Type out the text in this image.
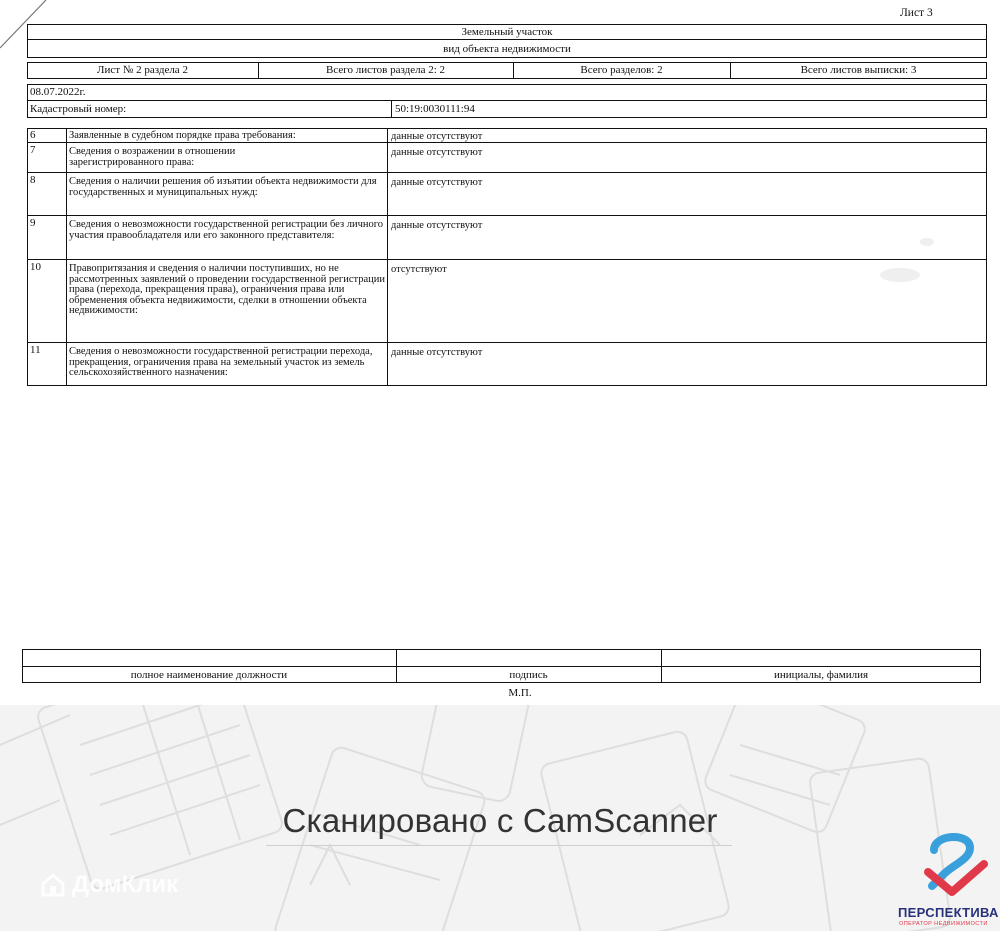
Лист 3
Земельный участок
вид объекта недвижимости
Лист № 2 раздела 2	Всего листов раздела 2: 2	Всего разделов: 2	Всего листов выписки: 3
08.07.2022г.
Кадастровый номер:	50:19:0030111:94
6	Заявленные в судебном порядке права требования:	данные отсутствуют
7	Сведения о возражении в отношении зарегистрированного права:
данные отсутствуют
8	Сведения о наличии решения об изъятии объекта недвижимости для государственных и муниципальных нужд:
данные отсутствуют
9	Сведения о невозможности государственной регистрации без личного участия правообладателя или его законного представителя:
данные отсутствуют
10	Правопритязания и сведения о наличии поступивших, но не рассмотренных заявлений о проведении государственной регистрации права (перехода, прекращения права), ограничения права или обременения объекта недвижимости, сделки в отношении объекта недвижимости:
отсутствуют
11	Сведения о невозможности государственной регистрации перехода, прекращения, ограничения права на земельный участок из земель сельскохозяйственного назначения:
данные отсутствуют
полное наименование должности	подпись	инициалы, фамилия
М.П.
Сканировано с CamScanner
ДомКлик
ПЕРСПЕКТИВА
ОПЕРАТОР НЕДВИЖИМОСТИ
